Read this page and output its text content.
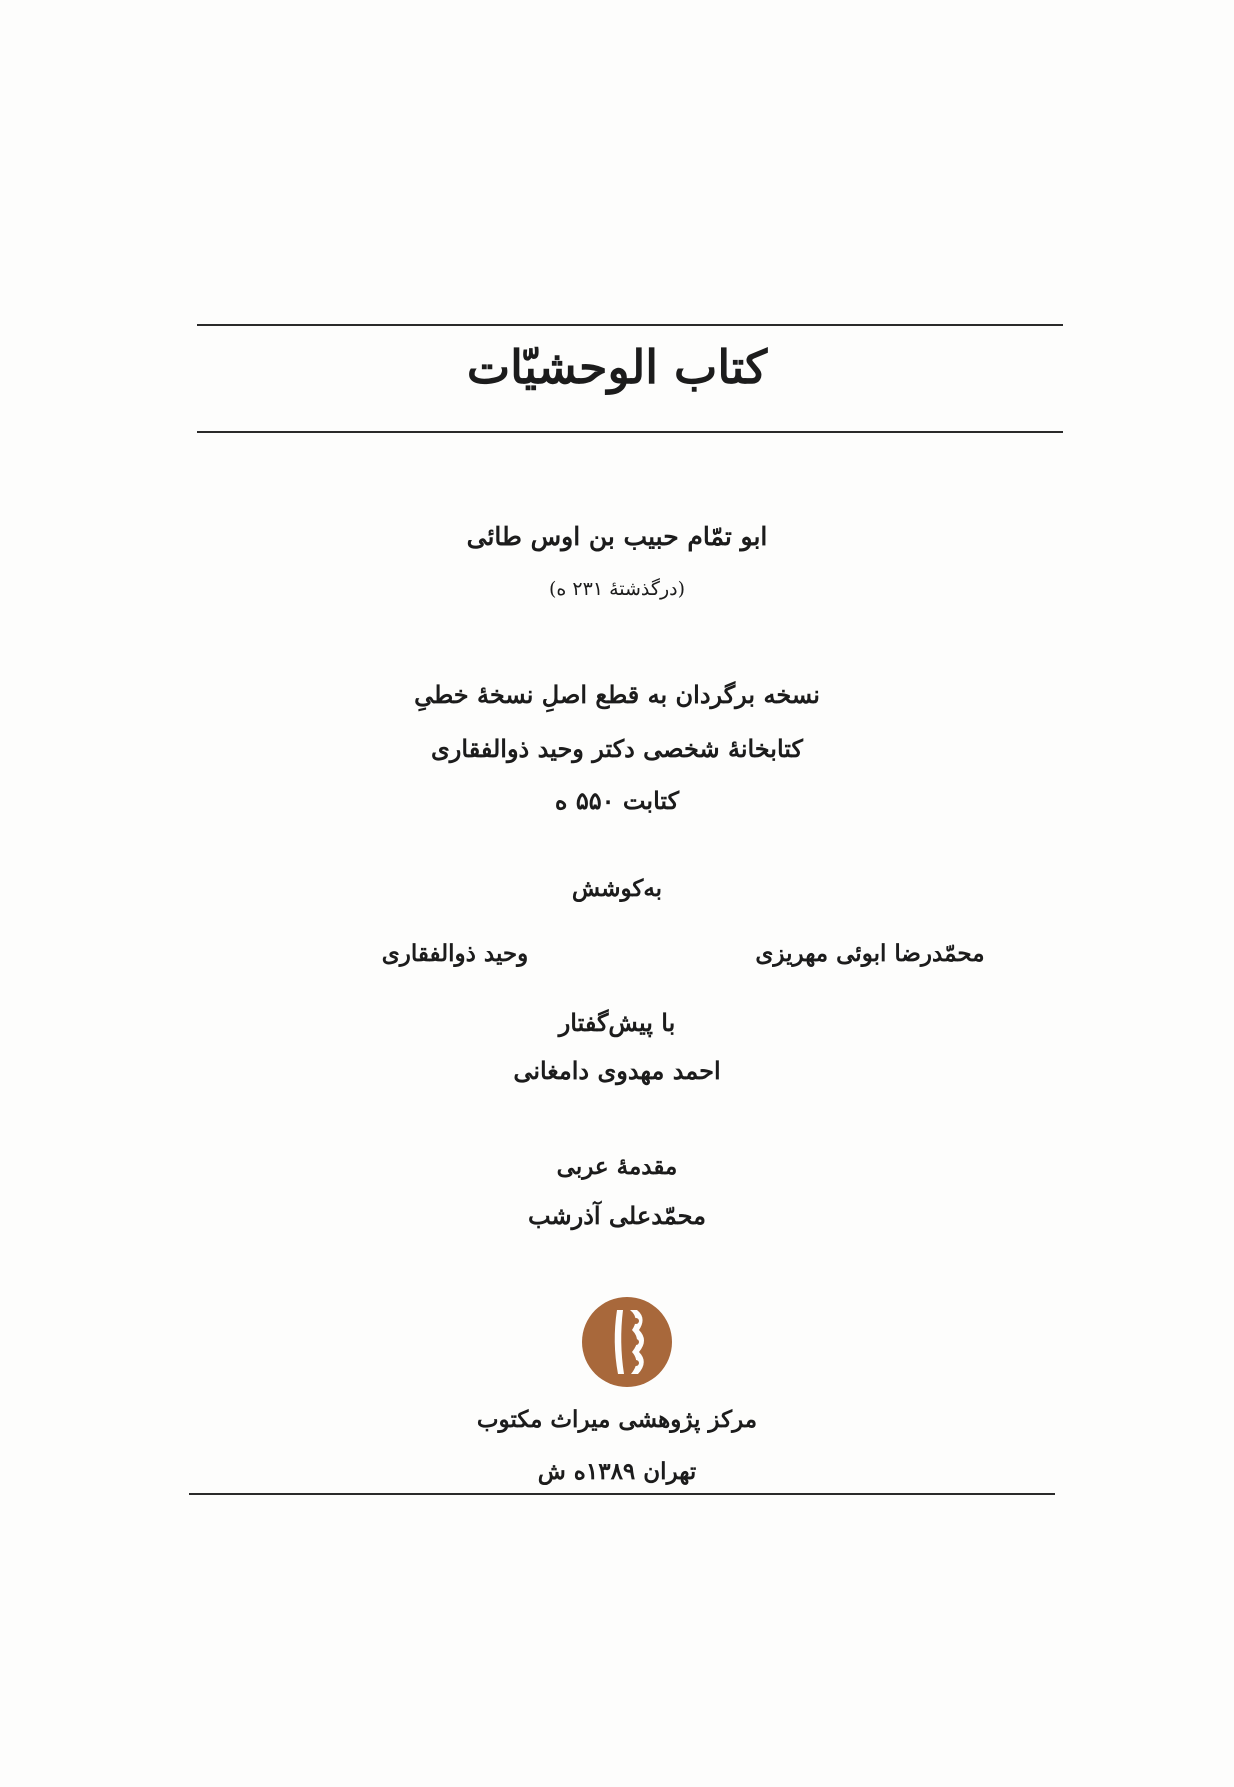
کتاب الوحشیّات
ابو تمّام حبیب بن اوس طائی
(درگذشتهٔ ۲۳۱ ه)
نسخه برگردان به قطع اصلِ نسخهٔ خطیِ
کتابخانهٔ شخصی دکتر وحید ذوالفقاری
کتابت ۵۵۰ ه
به‌کوشش
محمّدرضا ابوئی مهریزی
وحید ذوالفقاری
با پیش‌گفتار
احمد مهدوی دامغانی
مقدمهٔ عربی
محمّدعلی آذرشب
مرکز پژوهشی میراث مکتوب
تهران ۱۳۸۹ه ش
